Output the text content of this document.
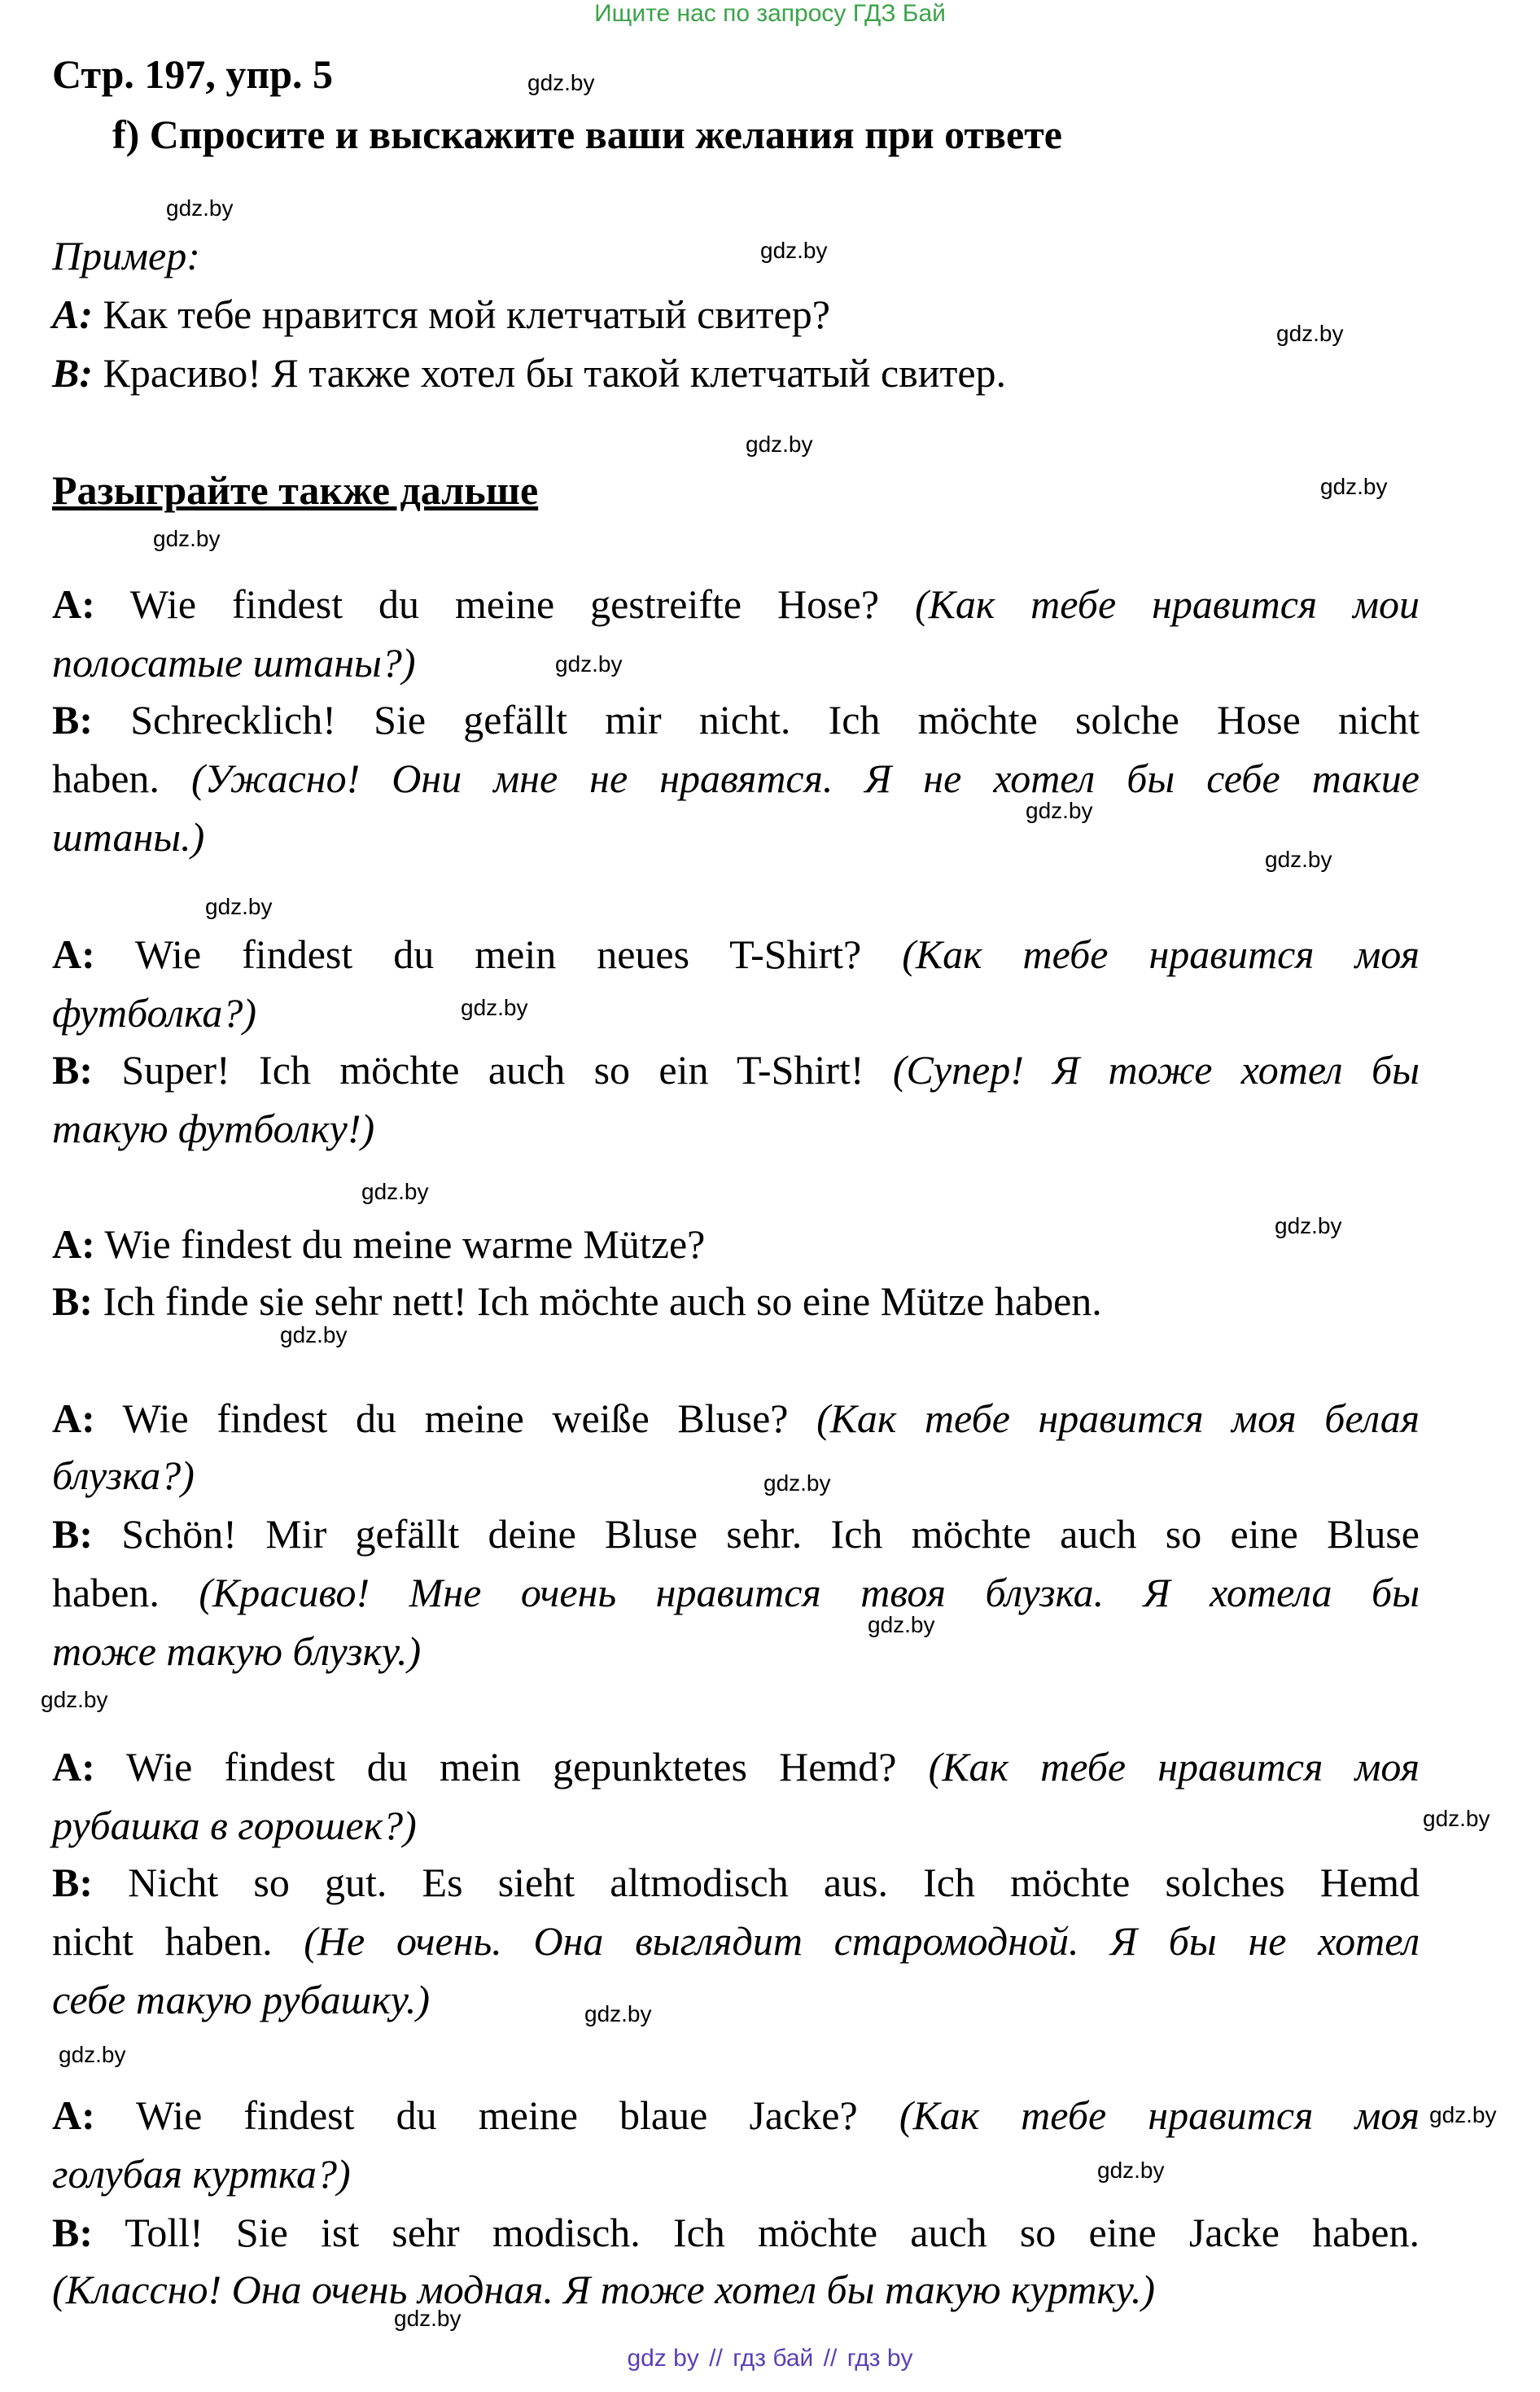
Ищите нас по запросу ГДЗ Бай
Стр. 197, упр. 5
f) Спросите и выскажите ваши желания при ответе
Пример:
A: Как тебе нравится мой клетчатый свитер?
B: Красиво! Я также хотел бы такой клетчатый свитер.
Разыграйте также дальше
A: Wie findest du meine gestreifte Hose? (Как тебе нравится мои
полосатые штаны?)
B: Schrecklich! Sie gefällt mir nicht. Ich möchte solche Hose nicht
haben. (Ужасно! Они мне не нравятся. Я не хотел бы себе такие
штаны.)
A: Wie findest du mein neues T-Shirt? (Как тебе нравится моя
футболка?)
B: Super! Ich möchte auch so ein T-Shirt! (Супер! Я тоже хотел бы
такую футболку!)
A: Wie findest du meine warme Mütze?
B: Ich finde sie sehr nett! Ich möchte auch so eine Mütze haben.
A: Wie findest du meine weiße Bluse? (Как тебе нравится моя белая
блузка?)
B: Schön! Mir gefällt deine Bluse sehr. Ich möchte auch so eine Bluse
haben. (Красиво! Мне очень нравится твоя блузка. Я хотела бы
тоже такую блузку.)
A: Wie findest du mein gepunktetes Hemd? (Как тебе нравится моя
рубашка в горошек?)
B: Nicht so gut. Es sieht altmodisch aus. Ich möchte solches Hemd
nicht haben. (Не очень. Она выглядит старомодной. Я бы не хотел
себе такую рубашку.)
A: Wie findest du meine blaue Jacke? (Как тебе нравится моя
голубая куртка?)
B: Toll! Sie ist sehr modisch. Ich möchte auch so eine Jacke haben.
(Классно! Она очень модная. Я тоже хотел бы такую куртку.)
gdz.by
gdz.by
gdz.by
gdz.by
gdz.by
gdz.by
gdz.by
gdz.by
gdz.by
gdz.by
gdz.by
gdz.by
gdz.by
gdz.by
gdz.by
gdz.by
gdz.by
gdz.by
gdz.by
gdz.by
gdz.by
gdz.by
gdz.by
gdz.by
gdz by // гдз бай // гдз by
